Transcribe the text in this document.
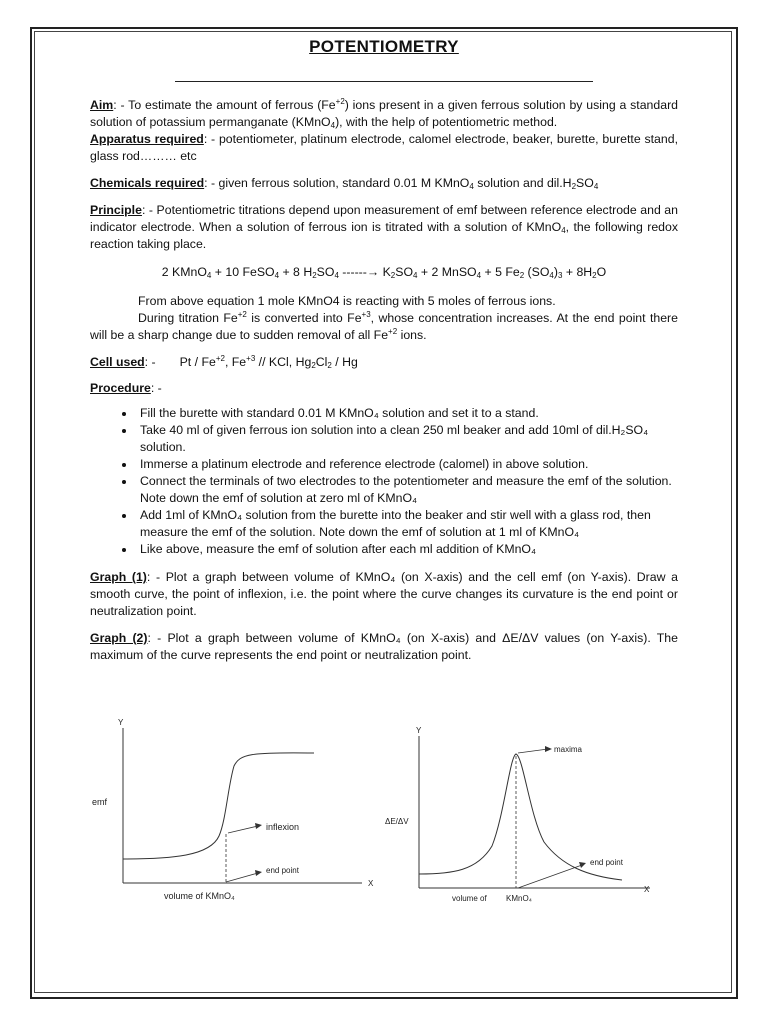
POTENTIOMETRY

Aim: - To estimate the amount of ferrous $(Fe^{+2})$ ions present in a given ferrous solution by using a standard solution of potassium permanganate (KMnO$_4$), with the help of potentiometric method.

Apparatus required: - potentiometer, platinum electrode, calomel electrode, beaker, burette, burette stand, glass rod……… etc

Chemicals required: - given ferrous solution, standard 0.01 M KMnO$_4$ solution and $dil.H_2SO_4$

Principle: - Potentiometric titrations depend upon measurement of emf between reference electrode and an indicator electrode. When a solution of ferrous ion is titrated with a solution of KMnO$_4$, the following redox reaction taking place.

2 KMnO$_4$ + 10 FeSO$_4$ + 8 $H_2SO_4$ ------→ $K_2SO_4 + 2$ MnSO$_4$ + 5 $Fe_2$ $(SO_4)_3 + 8H_2O$

From above equation 1 mole KMnO4 is reacting with 5 moles of ferrous ions.

During titration $Fe^{+2}$ is converted into $Fe^{+3}$, whose concentration increases. At the end point there will be a sharp change due to sudden removal of all $Fe^{+2}$ ions.

Cell used: - Pt / $Fe^{+2}$, $Fe^{+3}$ // KCl, $Hg_2Cl_2$ / Hg

Procedure: -

• Fill the burette with standard 0.01 M KMnO₄ solution and set it to a stand.
• Take 40 ml of given ferrous ion solution into a clean 250 ml beaker and add 10ml of dil.H₂SO₄ solution.
• Immerse a platinum electrode and reference electrode (calomel) in above solution.
• Connect the terminals of two electrodes to the potentiometer and measure the emf of the solution. Note down the emf of solution at zero ml of KMnO₄
• Add 1ml of KMnO₄ solution from the burette into the beaker and stir well with a glass rod, then measure the emf of the solution. Note down the emf of solution at 1 ml of KMnO₄
• Like above, measure the emf of solution after each ml addition of KMnO₄

Graph (1): - Plot a graph between volume of KMnO₄ (on X-axis) and the cell emf (on Y-axis). Draw a smooth curve, the point of inflexion, i.e. the point where the curve changes its curvature is the end point or neutralization point.

Graph (2): - Plot a graph between volume of KMnO₄ (on X-axis) and ΔE/ΔV values (on Y-axis). The maximum of the curve represents the end point or neutralization point.

Y
X
emf
inflexion
end point
volume of KMnO₄
Y
X
ΔE/ΔV
maxima
end point
volume of KMnO₄
